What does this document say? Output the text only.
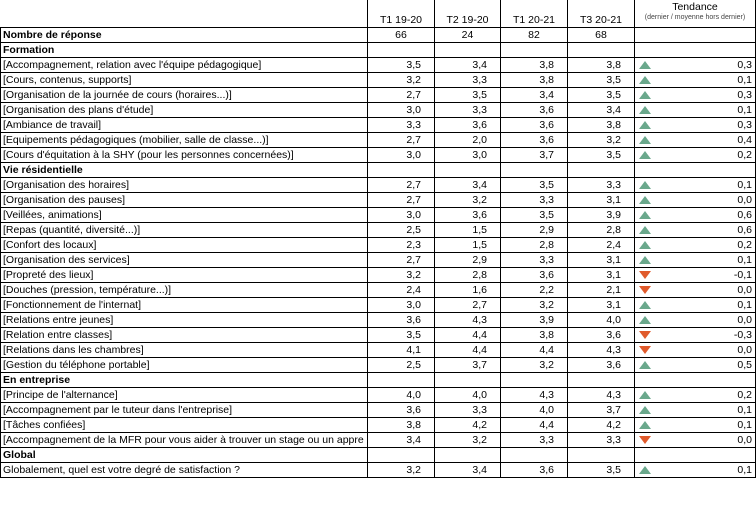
	T1 19-20	T2 19-20	T1 20-21	T3 20-21	Tendance
(dernier / moyenne hors dernier)

Nombre de réponse	66	24	82	68	
Formation					
[Accompagnement, relation avec l'équipe pédagogique]	3,5	3,4	3,8	3,8	0,3

[Cours, contenus, supports]	3,2	3,3	3,8	3,5	0,1

[Organisation de la journée de cours (horaires...)]	2,7	3,5	3,4	3,5	0,3

[Organisation des plans d'étude]	3,0	3,3	3,6	3,4	0,1

[Ambiance de travail]	3,3	3,6	3,6	3,8	0,3

[Equipements pédagogiques (mobilier, salle de classe...)]	2,7	2,0	3,6	3,2	0,4

[Cours d'équitation à la SHY (pour les personnes concernées)]	3,0	3,0	3,7	3,5	0,2

Vie résidentielle					
[Organisation des horaires]	2,7	3,4	3,5	3,3	0,1

[Organisation des pauses]	2,7	3,2	3,3	3,1	0,0

[Veillées, animations]	3,0	3,6	3,5	3,9	0,6

[Repas (quantité, diversité...)]	2,5	1,5	2,9	2,8	0,6

[Confort des locaux]	2,3	1,5	2,8	2,4	0,2

[Organisation des services]	2,7	2,9	3,3	3,1	0,1

[Propreté des lieux]	3,2	2,8	3,6	3,1	-0,1

[Douches (pression, température...)]	2,4	1,6	2,2	2,1	0,0

[Fonctionnement de l'internat]	3,0	2,7	3,2	3,1	0,1

[Relations entre jeunes]	3,6	4,3	3,9	4,0	0,0

[Relation entre classes]	3,5	4,4	3,8	3,6	-0,3

[Relations dans les chambres]	4,1	4,4	4,4	4,3	0,0

[Gestion du téléphone portable]	2,5	3,7	3,2	3,6	0,5

En entreprise					
[Principe de l'alternance]	4,0	4,0	4,3	4,3	0,2

[Accompagnement par le tuteur dans l'entreprise]	3,6	3,3	4,0	3,7	0,1

[Tâches confiées]	3,8	4,2	4,4	4,2	0,1

[Accompagnement de la MFR pour vous aider à trouver un stage ou un appre	3,4	3,2	3,3	3,3	0,0

Global					
Globalement, quel est votre degré de satisfaction ?	3,2	3,4	3,6	3,5	0,1
